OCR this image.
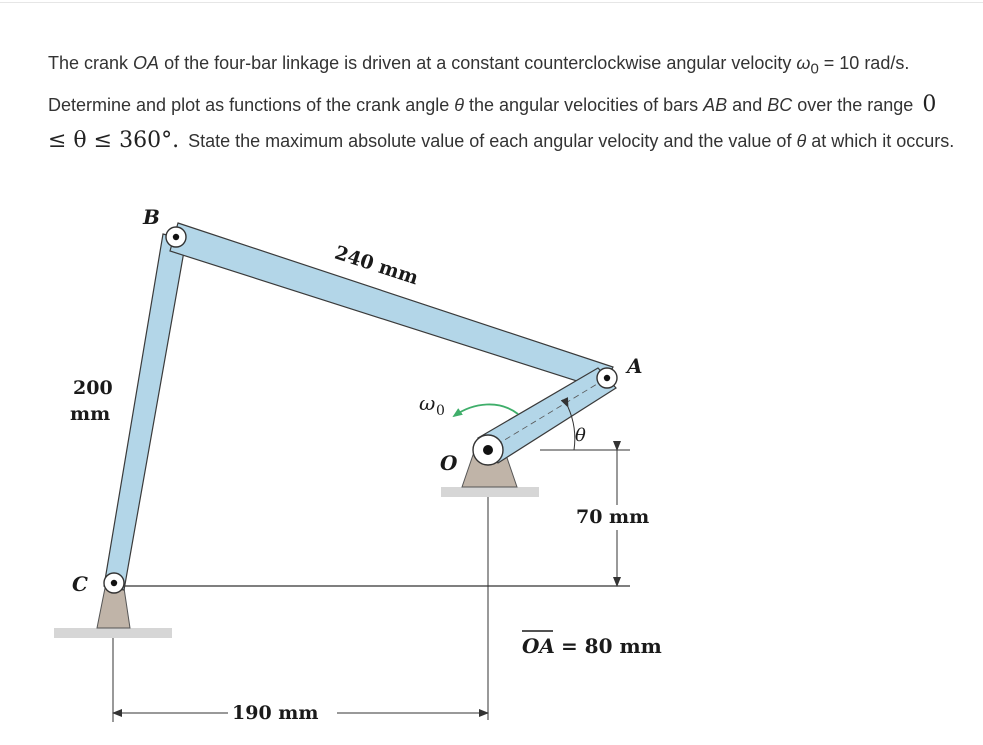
The crank OA of the four-bar linkage is driven at a constant counterclockwise angular velocity $\omega_0 = 10$ rad/s. Determine and plot as functions of the crank angle θ the angular velocities of bars AB and BC over the range 0 ≤ θ ≤ 360°. State the maximum absolute value of each angular velocity and the value of θ at which it occurs.
B
A
C
O
240 mm
200
mm	ω 0
θ
70 mm
OA = 80 mm
190 mm
